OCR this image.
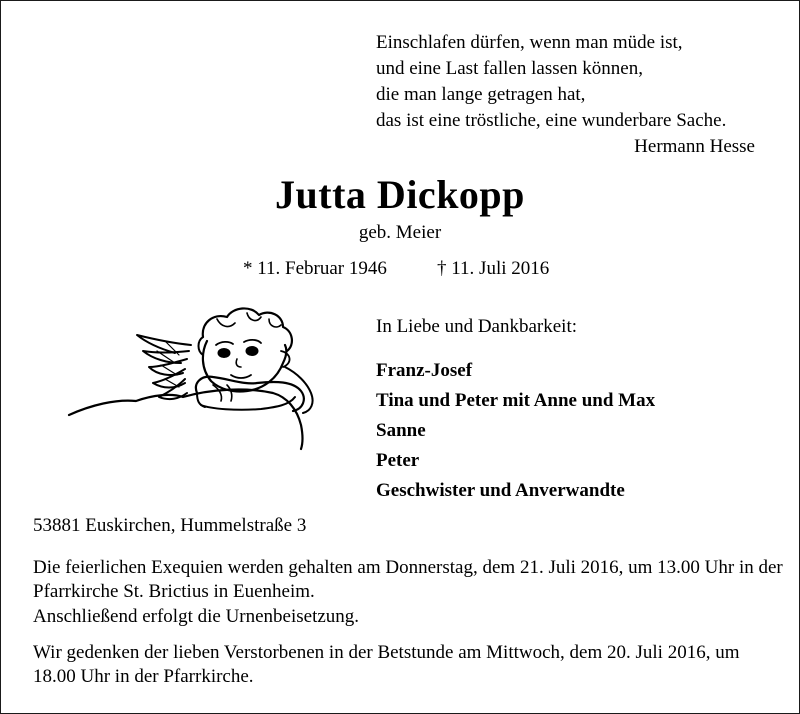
Einschlafen dürfen, wenn man müde ist,
und eine Last fallen lassen können,
die man lange getragen hat,
das ist eine tröstliche, eine wunderbare Sache.
Hermann Hesse
Jutta Dickopp
geb. Meier
* 11. Februar 1946	† 11. Juli 2016
In Liebe und Dankbarkeit:
Franz-Josef
Tina und Peter mit Anne und Max
Sanne
Peter
Geschwister und Anverwandte
53881 Euskirchen, Hummelstraße 3
Die feierlichen Exequien werden gehalten am Donnerstag, dem 21. Juli 2016, um 13.00 Uhr in der Pfarrkirche St. Brictius in Euenheim.
Anschließend erfolgt die Urnenbeisetzung.
Wir gedenken der lieben Verstorbenen in der Betstunde am Mittwoch, dem 20. Juli 2016, um 18.00 Uhr in der Pfarrkirche.
